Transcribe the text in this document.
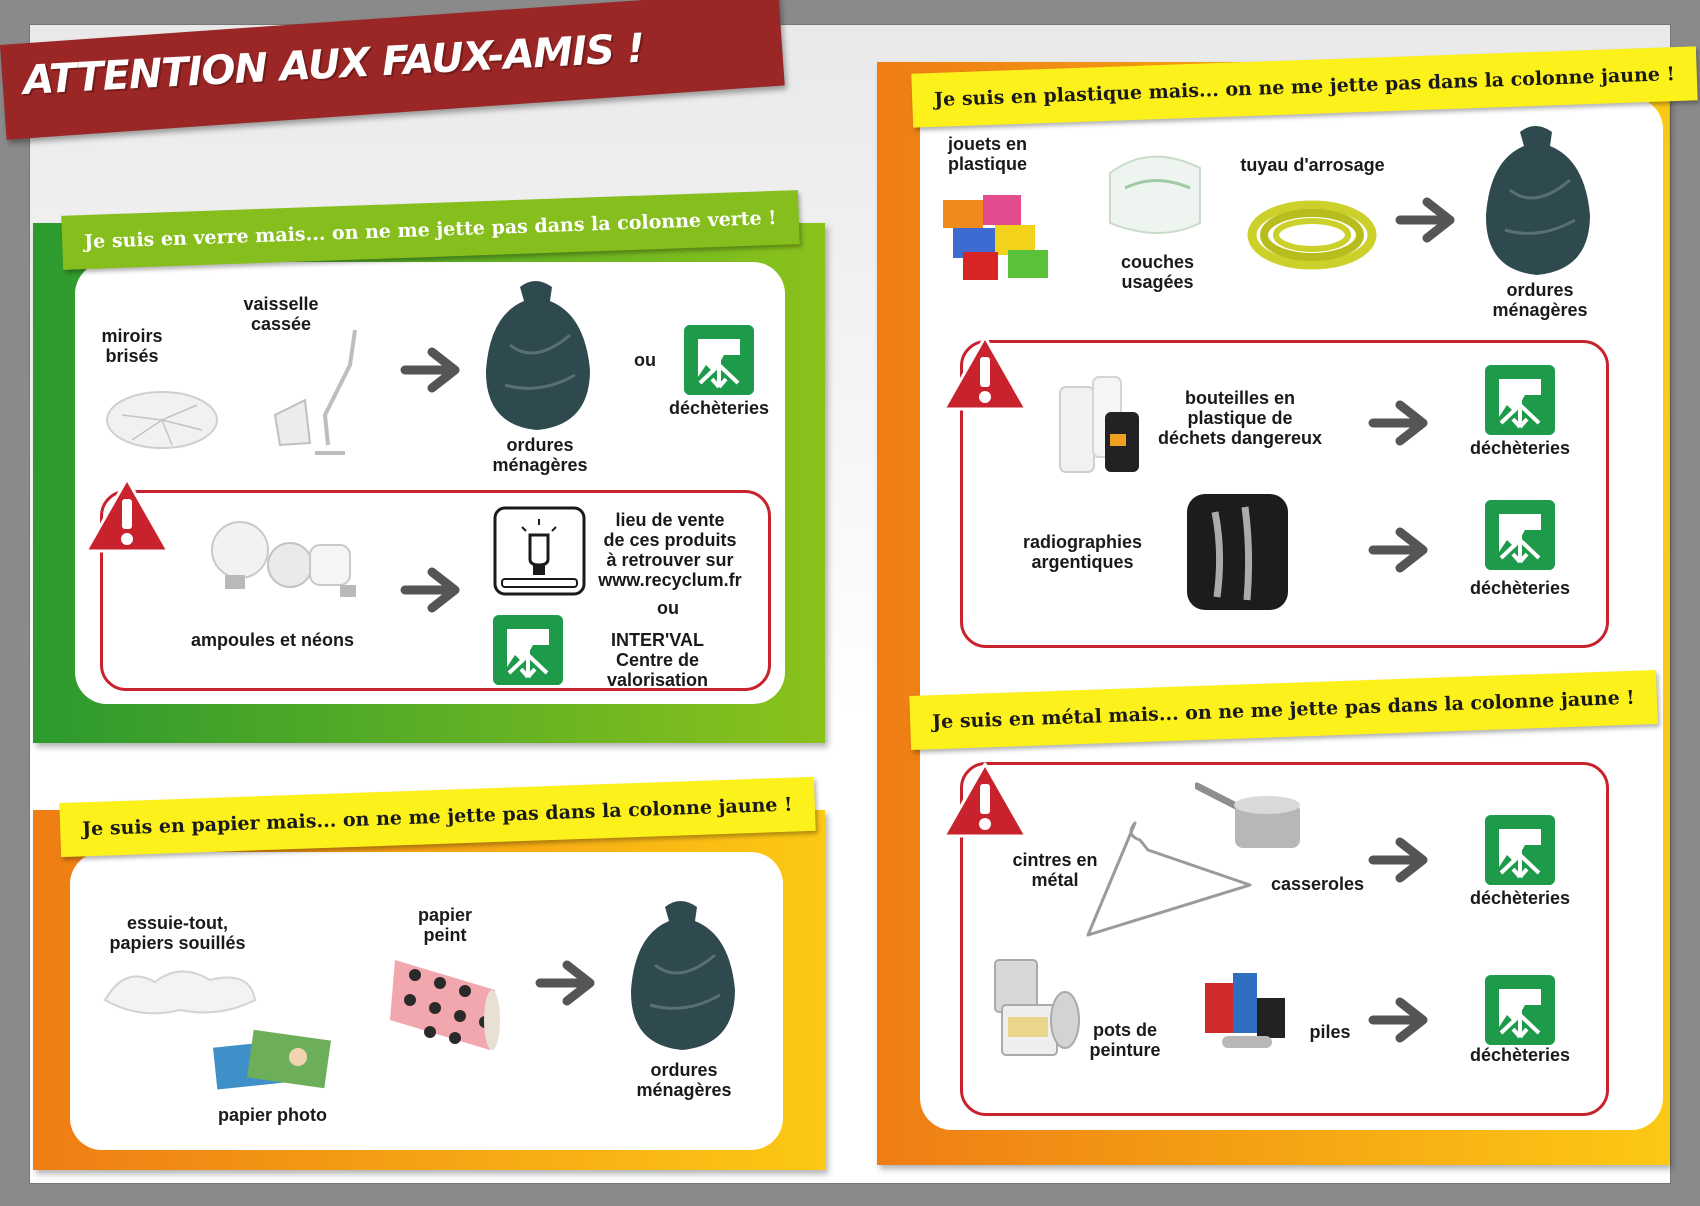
ATTENTION AUX FAUX-AMIS !
Je suis en verre mais... on ne me jette pas dans la colonne verte !
miroirs
brisés
vaisselle
cassée
ordures
ménagères
ou
déchèteries
ampoules et néons
lieu de vente
de ces produits
à retrouver sur
www.recyclum.fr
ou
INTER'VAL
Centre de valorisation
Je suis en papier mais... on ne me jette pas dans la colonne jaune !
essuie-tout,
papiers souillés
papier photo
papier
peint
ordures
ménagères
Je suis en plastique mais... on ne me jette pas dans la colonne jaune !
jouets en
plastique
couches
usagées
tuyau d'arrosage
ordures
ménagères
bouteilles en
plastique de
déchets dangereux	déchèteries
radiographies
argentiques
déchèteries
Je suis en métal mais... on ne me jette pas dans la colonne jaune !
cintres en
métal	casseroles
déchèteries
pots de
peinture
piles
déchèteries
